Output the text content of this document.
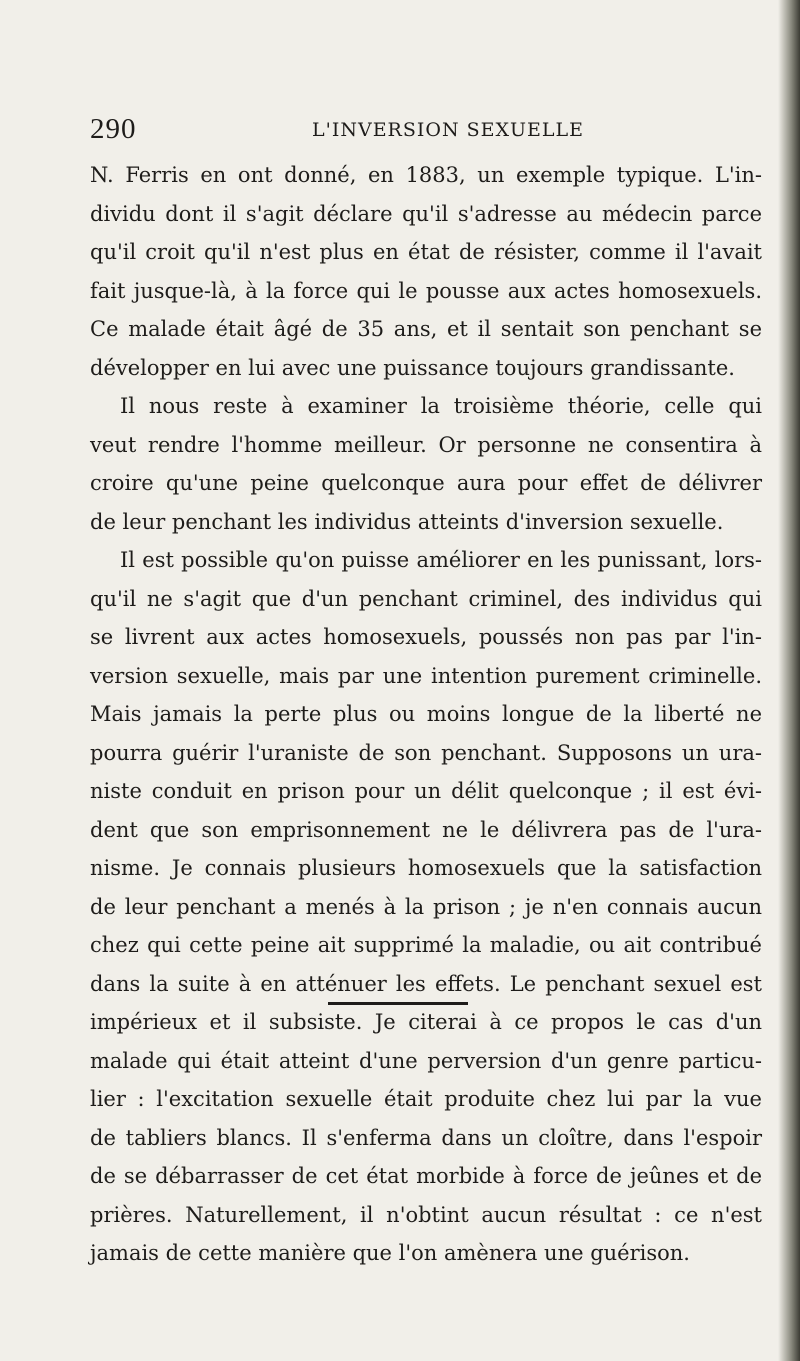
290	L'INVERSION SEXUELLE
N. Ferris en ont donné, en 1883, un exemple typique. L'in-
dividu dont il s'agit déclare qu'il s'adresse au médecin parce
qu'il croit qu'il n'est plus en état de résister, comme il l'avait
fait jusque-là, à la force qui le pousse aux actes homosexuels.
Ce malade était âgé de 35 ans, et il sentait son penchant se
développer en lui avec une puissance toujours grandissante.
Il nous reste à examiner la troisième théorie, celle qui
veut rendre l'homme meilleur. Or personne ne consentira à
croire qu'une peine quelconque aura pour effet de délivrer
de leur penchant les individus atteints d'inversion sexuelle.
Il est possible qu'on puisse améliorer en les punissant, lors-
qu'il ne s'agit que d'un penchant criminel, des individus qui
se livrent aux actes homosexuels, poussés non pas par l'in-
version sexuelle, mais par une intention purement criminelle.
Mais jamais la perte plus ou moins longue de la liberté ne
pourra guérir l'uraniste de son penchant. Supposons un ura-
niste conduit en prison pour un délit quelconque ; il est évi-
dent que son emprisonnement ne le délivrera pas de l'ura-
nisme. Je connais plusieurs homosexuels que la satisfaction
de leur penchant a menés à la prison ; je n'en connais aucun
chez qui cette peine ait supprimé la maladie, ou ait contribué
dans la suite à en atténuer les effets. Le penchant sexuel est
impérieux et il subsiste. Je citerai à ce propos le cas d'un
malade qui était atteint d'une perversion d'un genre particu-
lier : l'excitation sexuelle était produite chez lui par la vue
de tabliers blancs. Il s'enferma dans un cloître, dans l'espoir
de se débarrasser de cet état morbide à force de jeûnes et de
prières. Naturellement, il n'obtint aucun résultat : ce n'est
jamais de cette manière que l'on amènera une guérison.
